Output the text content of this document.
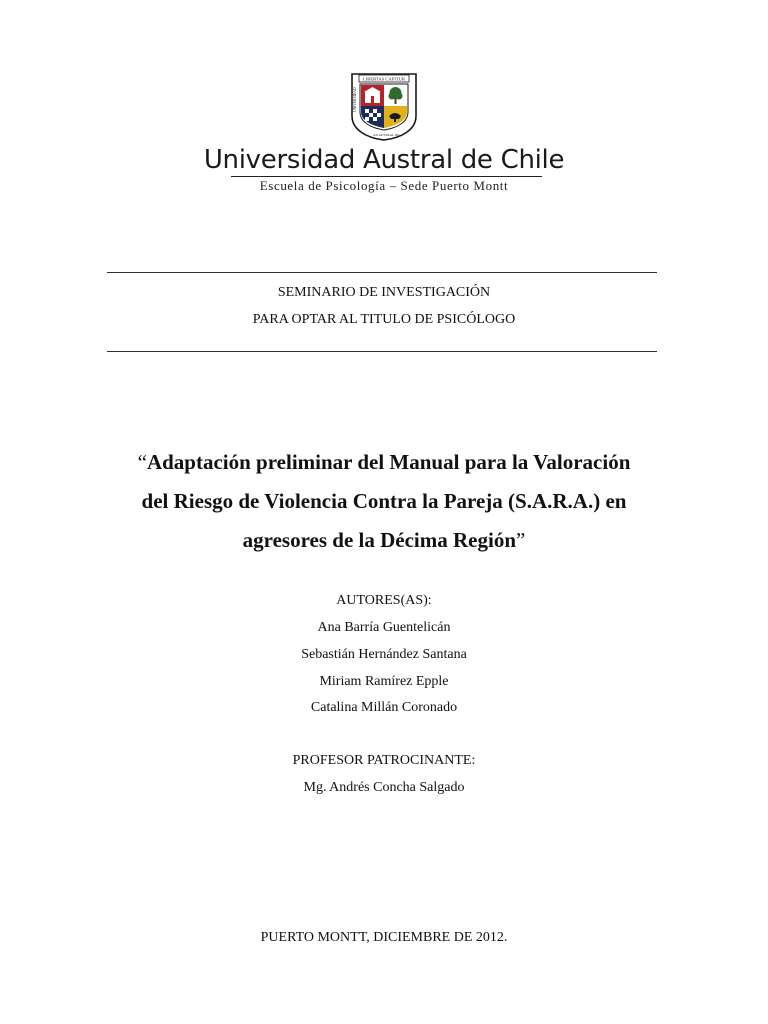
LIBERTAS CAPITUR
UNIVERSIDAD
AD AUSTRAL DE
Universidad Austral de Chile
Escuela de Psicología – Sede Puerto Montt
SEMINARIO DE INVESTIGACIÓN
PARA OPTAR AL TITULO DE PSICÓLOGO
“Adaptación preliminar del Manual para la Valoración
del Riesgo de Violencia Contra la Pareja (S.A.R.A.) en
agresores de la Décima Región”
AUTORES(AS):
Ana Barría Guentelicán
Sebastián Hernández Santana
Miriam Ramírez Epple
Catalina Millán Coronado
PROFESOR PATROCINANTE:
Mg. Andrés Concha Salgado
PUERTO MONTT, DICIEMBRE DE 2012.
